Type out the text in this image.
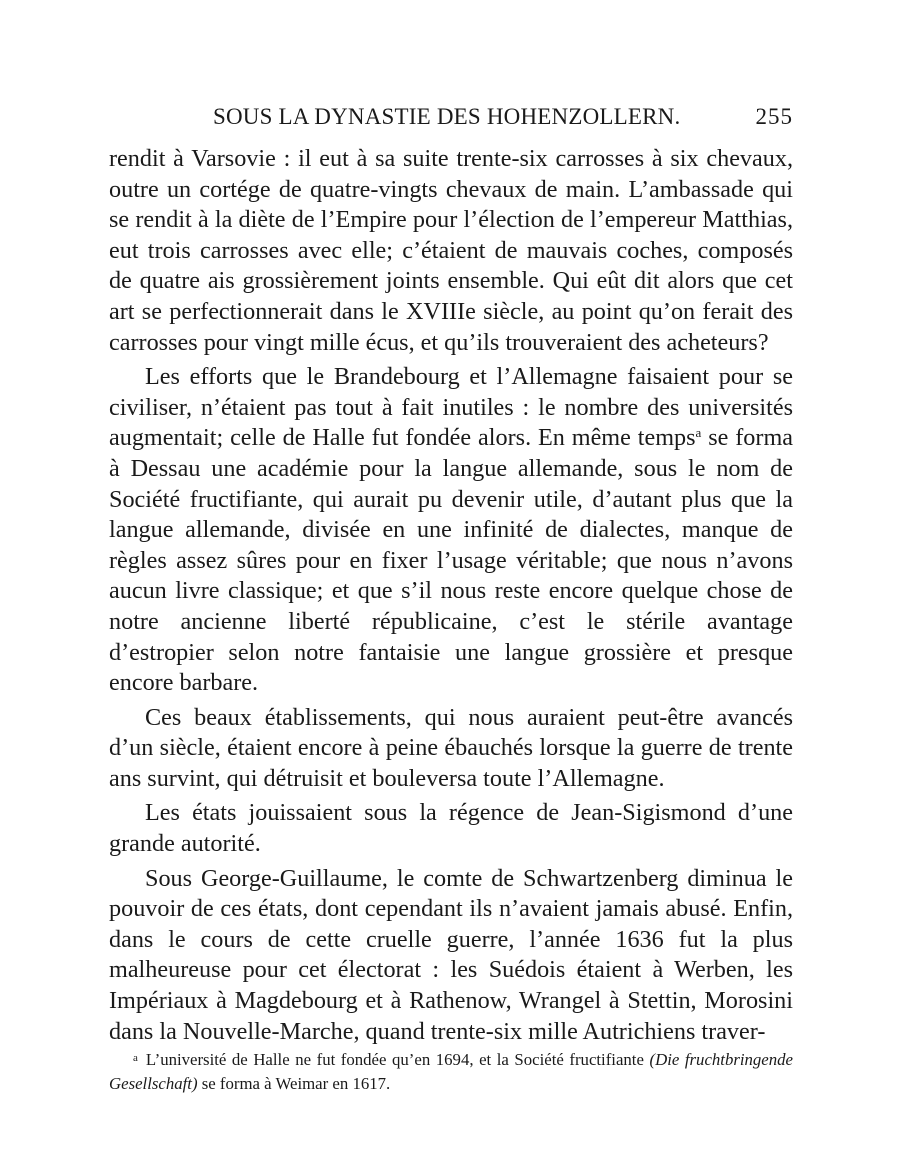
SOUS LA DYNASTIE DES HOHENZOLLERN.	255

rendit à Varsovie : il eut à sa suite trente-six carrosses à six chevaux, outre un cortége de quatre-vingts chevaux de main. L’ambassade qui se rendit à la diète de l’Empire pour l’élection de l’empereur Matthias, eut trois carrosses avec elle; c’étaient de mauvais coches, composés de quatre ais grossièrement joints ensemble. Qui eût dit alors que cet art se perfectionnerait dans le XVIIIe siècle, au point qu’on ferait des carrosses pour vingt mille écus, et qu’ils trouveraient des acheteurs?

Les efforts que le Brandebourg et l’Allemagne faisaient pour se civiliser, n’étaient pas tout à fait inutiles : le nombre des universités augmentait; celle de Halle fut fondée alors. En même temps$^a$ se forma à Dessau une académie pour la langue allemande, sous le nom de Société fructifiante, qui aurait pu devenir utile, d’autant plus que la langue allemande, divisée en une infinité de dialectes, manque de règles assez sûres pour en fixer l’usage véritable; que nous n’avons aucun livre classique; et que s’il nous reste encore quelque chose de notre ancienne liberté républicaine, c’est le stérile avantage d’estropier selon notre fantaisie une langue grossière et presque encore barbare.

Ces beaux établissements, qui nous auraient peut-être avancés d’un siècle, étaient encore à peine ébauchés lorsque la guerre de trente ans survint, qui détruisit et bouleversa toute l’Allemagne.

Les états jouissaient sous la régence de Jean-Sigismond d’une grande autorité.

Sous George-Guillaume, le comte de Schwartzenberg diminua le pouvoir de ces états, dont cependant ils n’avaient jamais abusé. Enfin, dans le cours de cette cruelle guerre, l’année 1636 fut la plus malheureuse pour cet électorat : les Suédois étaient à Werben, les Impériaux à Magdebourg et à Rathenow, Wrangel à Stettin, Morosini dans la Nouvelle-Marche, quand trente-six mille Autrichiens traver-

$^a$ L’université de Halle ne fut fondée qu’en 1694, et la Société fructifiante (Die fruchtbringende Gesellschaft) se forma à Weimar en 1617.
